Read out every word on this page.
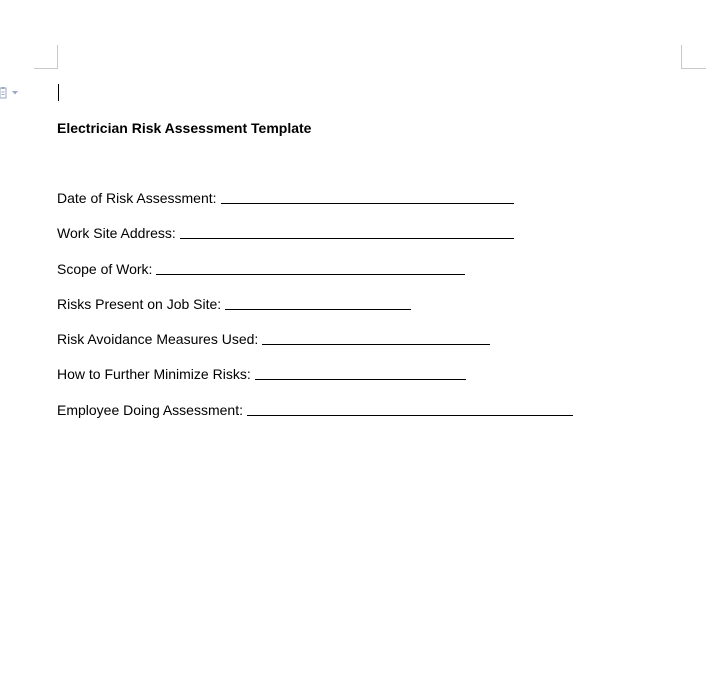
Electrician Risk Assessment Template
Date of Risk Assessment:
Work Site Address:
Scope of Work:
Risks Present on Job Site:
Risk Avoidance Measures Used:
How to Further Minimize Risks:
Employee Doing Assessment:
